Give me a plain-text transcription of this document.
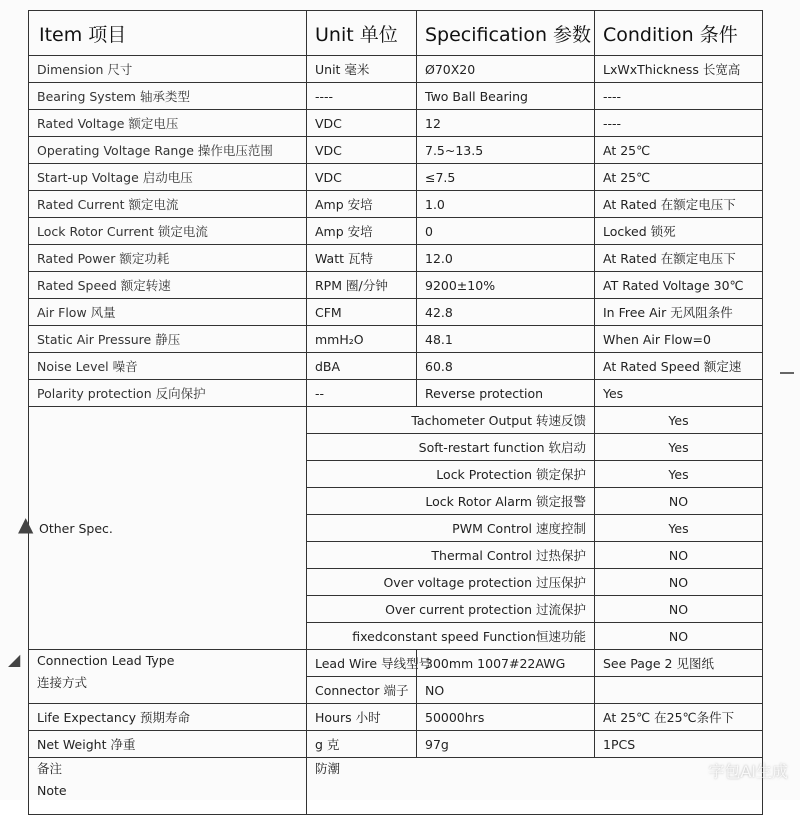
Item 项目	Unit 单位	Specification 参数	Condition 条件
Dimension 尺寸	Unit 毫米	Ø70X20	LxWxThickness 长宽高
Bearing System 轴承类型	----	Two Ball Bearing	----
Rated Voltage 额定电压	VDC	12	----
Operating Voltage Range 操作电压范围	VDC	7.5~13.5	At 25℃
Start-up Voltage 启动电压	VDC	≤7.5	At 25℃
Rated Current 额定电流	Amp 安培	1.0	At Rated 在额定电压下
Lock Rotor Current 锁定电流	Amp 安培	0	Locked 锁死
Rated Power 额定功耗	Watt 瓦特	12.0	At Rated 在额定电压下
Rated Speed 额定转速	RPM 圈/分钟	9200±10%	AT Rated Voltage 30℃
Air Flow 风量	CFM	42.8	In Free Air 无风阻条件
Static Air Pressure 静压	mmH₂O	48.1	When Air Flow=0
Noise Level 噪音	dBA	60.8	At Rated Speed 额定速
Polarity protection 反向保护	--	Reverse protection	Yes
Other Spec.	Tachometer Output 转速反馈		Yes
	Soft-restart function 软启动		Yes
	Lock Protection 锁定保护		Yes
	Lock Rotor Alarm 锁定报警		NO
	PWM Control 速度控制		Yes
	Thermal Control 过热保护		NO
	Over voltage protection 过压保护		NO
	Over current protection 过流保护		NO
	fixedconstant speed Function恒速功能		NO

Connection Lead Type
连接方式	Lead Wire 导线型号	300mm 1007#22AWG	See Page 2 见图纸
	Connector 端子	NO	
Life Expectancy 预期寿命	Hours 小时	50000hrs	At 25℃ 在25℃条件下
Net Weight 净重	g 克	97g	1PCS

备注
Note	防潮		
▲
◢
字包AI生成
